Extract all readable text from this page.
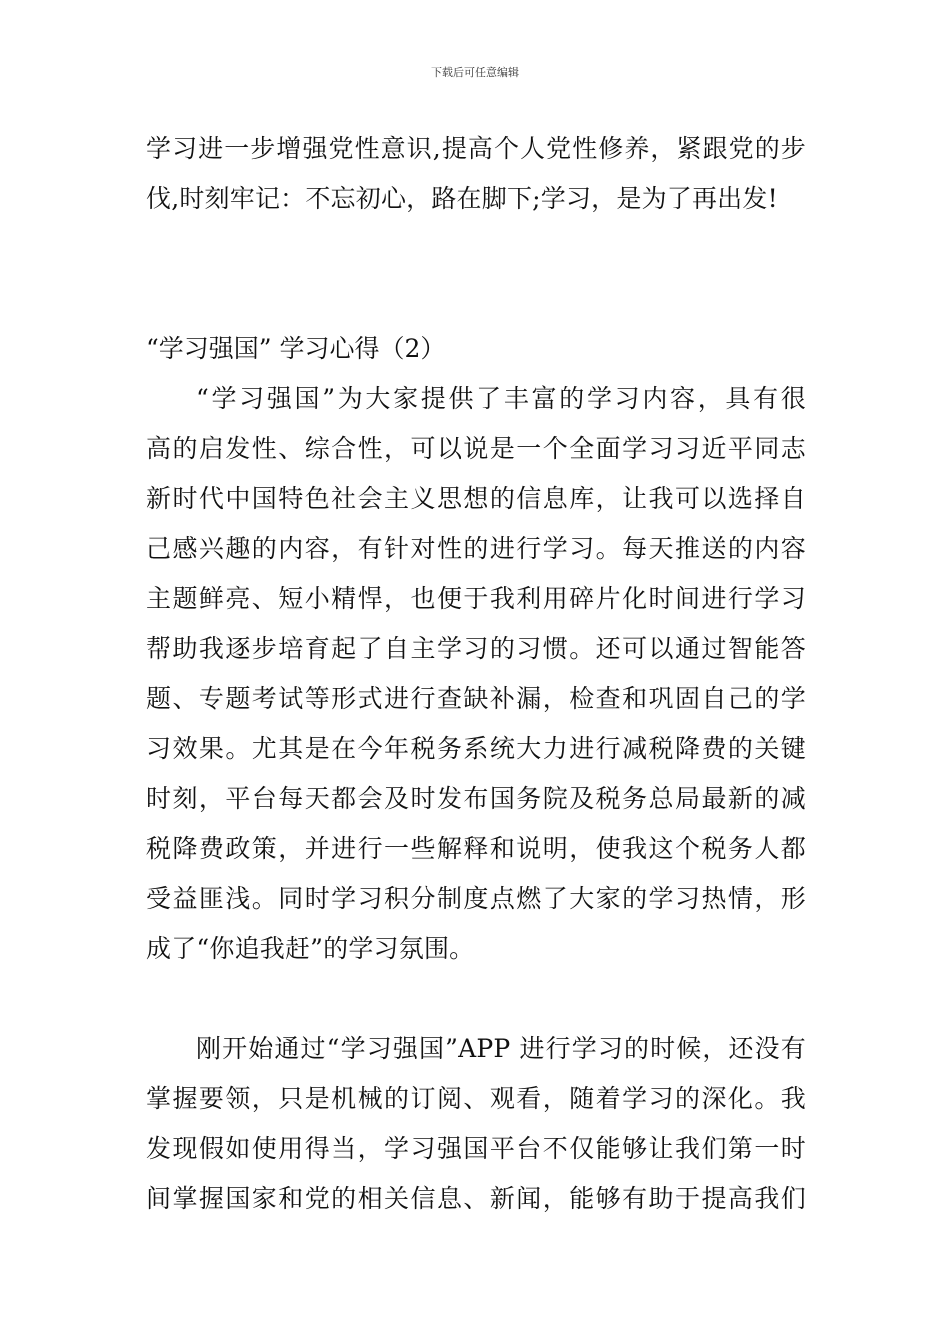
下载后可任意编辑
学习进一步增强党性意识,提高个人党性修养，紧跟党的步
伐,时刻牢记：不忘初心，路在脚下;学习，是为了再出发!
“学习强国” 学习心得（2）
“学习强国”为大家提供了丰富的学习内容，具有很
高的启发性、综合性，可以说是一个全面学习习近平同志
新时代中国特色社会主义思想的信息库，让我可以选择自
己感兴趣的内容，有针对性的进行学习。每天推送的内容
主题鲜亮、短小精悍，也便于我利用碎片化时间进行学习
帮助我逐步培育起了自主学习的习惯。还可以通过智能答
题、专题考试等形式进行查缺补漏，检查和巩固自己的学
习效果。尤其是在今年税务系统大力进行减税降费的关键
时刻，平台每天都会及时发布国务院及税务总局最新的减
税降费政策，并进行一些解释和说明，使我这个税务人都
受益匪浅。同时学习积分制度点燃了大家的学习热情，形
成了“你追我赶”的学习氛围。
刚开始通过“学习强国”APP 进行学习的时候，还没有
掌握要领，只是机械的订阅、观看，随着学习的深化。我
发现假如使用得当，学习强国平台不仅能够让我们第一时
间掌握国家和党的相关信息、新闻，能够有助于提高我们
